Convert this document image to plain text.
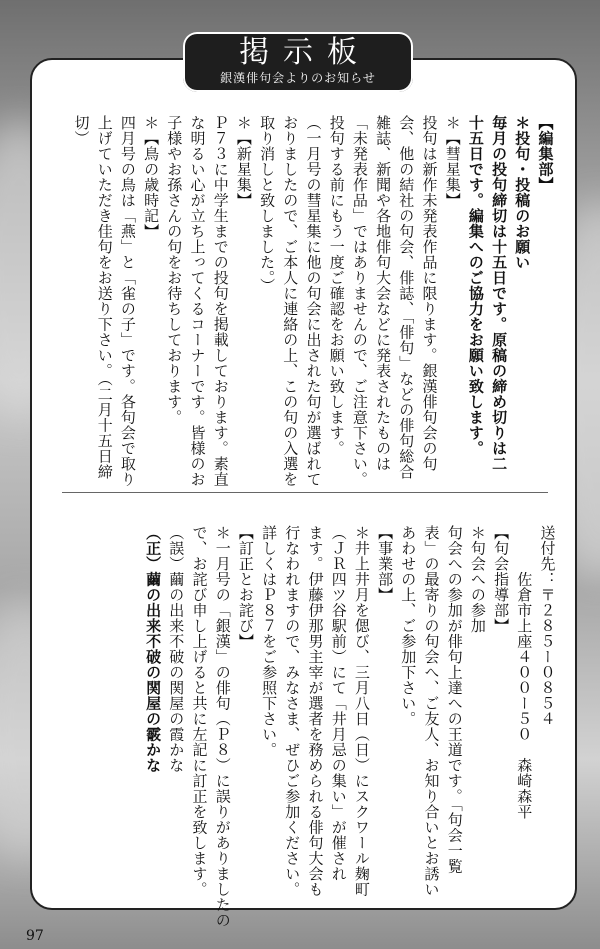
掲示板
銀漢俳句会よりのお知らせ
【編集部】
＊投句・投稿のお願い
毎月の投句締切は十五日です。原稿の締め切りは二
十五日です。編集へのご協力をお願い致します。
＊【彗星集】
投句は新作未発表作品に限ります。銀漢俳句会の句
会、他の結社の句会、俳誌、「俳句」などの俳句総合
雑誌、新聞や各地俳句大会などに発表されたものは
「未発表作品」ではありませんので、ご注意下さい。
投句する前にもう一度ご確認をお願い致します。
（一月号の彗星集に他の句会に出された句が選ばれて
おりましたので、ご本人に連絡の上、この句の入選を
取り消しと致しました。）
＊【新星集】
Ｐ７３に中学生までの投句を掲載しております。素直
な明るい心が立ち上ってくるコーナーです。皆様のお
子様やお孫さんの句をお待ちしております。
＊【鳥の歳時記】
四月号の鳥は「燕」と「雀の子」です。各句会で取り
上げていただき佳句をお送り下さい。（二月十五日締
切）
送付先：〒２８５ー０８５４
　　　佐倉市上座４００ー５０　森崎森平
【句会指導部】
＊句会への参加
句会への参加が俳句上達への王道です。「句会一覧
表」の最寄りの句会へ、ご友人、お知り合いとお誘い
あわせの上、ご参加下さい。
【事業部】
＊井上井月を偲び、三月八日（日）にスクワール麹町
（ＪＲ四ツ谷駅前）にて「井月忌の集い」が催され
ます。伊藤伊那男主宰が選者を務められる俳句大会も
行なわれますので、みなさま、ぜひご参加ください。
詳しくはＰ８７をご参照下さい。
【訂正とお詫び】
＊一月号の「銀漢」の俳句（Ｐ８）に誤りがありましたの
で、お詫び申し上げると共に左記に訂正を致します。
（誤）繭の出来不破の関屋の霞かな
（正）繭の出来不破の関屋の霰かな
97
